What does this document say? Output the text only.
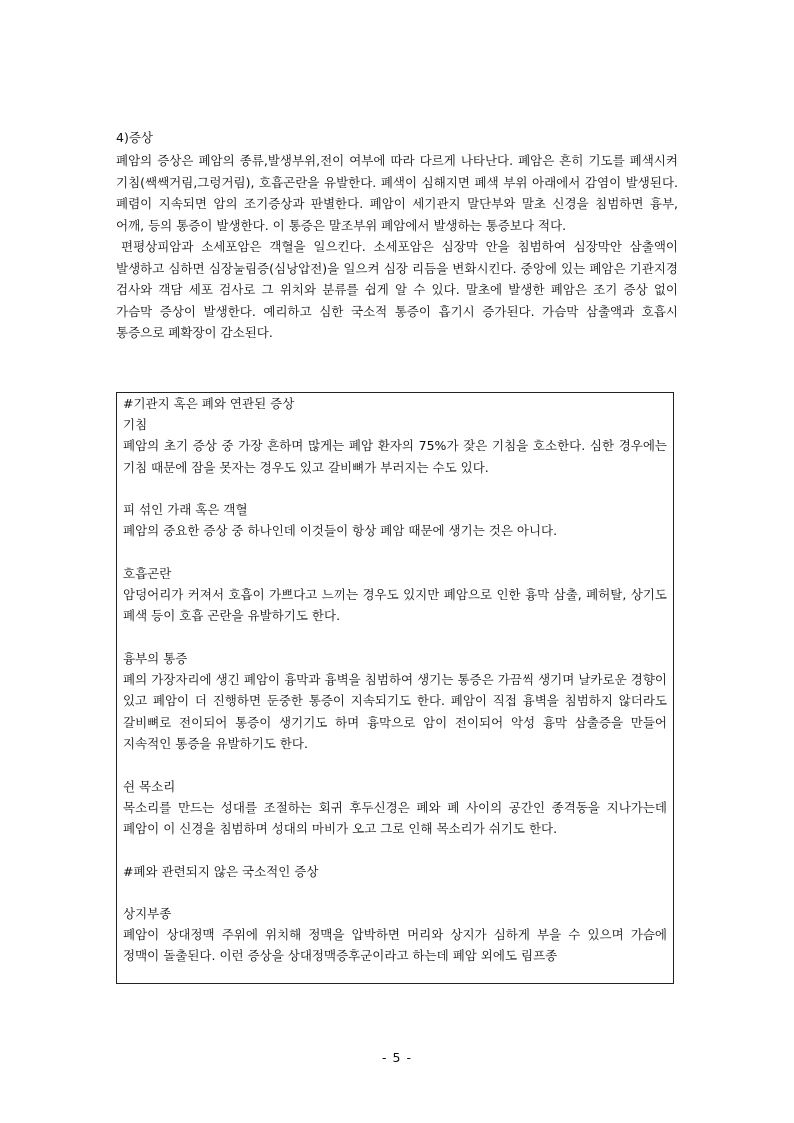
4)증상

폐암의 증상은 폐암의 종류,발생부위,전이 여부에 따라 다르게 나타난다. 폐암은 흔히 기도를 폐색시켜 기침(쌕쌕거림,그렁거림), 호흡곤란을 유발한다. 폐색이 심해지면 폐색 부위 아래에서 감염이 발생된다. 폐렴이 지속되면 암의 조기증상과 판별한다. 폐암이 세기관지 말단부와 말초 신경을 침범하면 흉부, 어깨, 등의 통증이 발생한다. 이 통증은 말조부위 폐암에서 발생하는 통증보다 적다.

편평상피암과 소세포암은 객혈을 일으킨다. 소세포암은 심장막 안을 침범하여 심장막안 삼출액이 발생하고 심하면 심장눌림증(심낭압전)을 일으켜 심장 리듬을 변화시킨다. 중앙에 있는 폐암은 기관지경 검사와 객담 세포 검사로 그 위치와 분류를 쉽게 알 수 있다. 말초에 발생한 폐암은 조기 증상 없이 가슴막 증상이 발생한다. 예리하고 심한 국소적 통증이 흡기시 증가된다. 가슴막 삼출액과 호흡시 통증으로 폐확장이 감소된다.

#기관지 혹은 폐와 연관된 증상
기침

폐암의 초기 증상 중 가장 흔하며 많게는 폐암 환자의 75%가 잦은 기침을 호소한다. 심한 경우에는 기침 때문에 잠을 못자는 경우도 있고 갈비뼈가 부러지는 수도 있다.

피 섞인 가래 혹은 객혈

폐암의 중요한 증상 중 하나인데 이것들이 항상 폐암 때문에 생기는 것은 아니다.

호흡곤란

암덩어리가 커져서 호흡이 가쁘다고 느끼는 경우도 있지만 폐암으로 인한 흉막 삼출, 폐허탈, 상기도 폐색 등이 호흡 곤란을 유발하기도 한다.

흉부의 통증

폐의 가장자리에 생긴 폐암이 흉막과 흉벽을 침범하여 생기는 통증은 가끔씩 생기며 날카로운 경향이 있고 폐암이 더 진행하면 둔중한 통증이 지속되기도 한다. 폐암이 직접 흉벽을 침범하지 않더라도 갈비뼈로 전이되어 통증이 생기기도 하며 흉막으로 암이 전이되어 악성 흉막 삼출증을 만들어 지속적인 통증을 유발하기도 한다.

쉰 목소리

목소리를 만드는 성대를 조절하는 회귀 후두신경은 폐와 폐 사이의 공간인 종격동을 지나가는데 폐암이 이 신경을 침범하며 성대의 마비가 오고 그로 인해 목소리가 쉬기도 한다.

#폐와 관련되지 않은 국소적인 증상
상지부종

폐암이 상대정맥 주위에 위치해 정맥을 압박하면 머리와 상지가 심하게 부을 수 있으며 가슴에 정맥이 돌출된다. 이런 증상을 상대정맥증후군이라고 하는데 폐암 외에도 림프종

- 5 -
